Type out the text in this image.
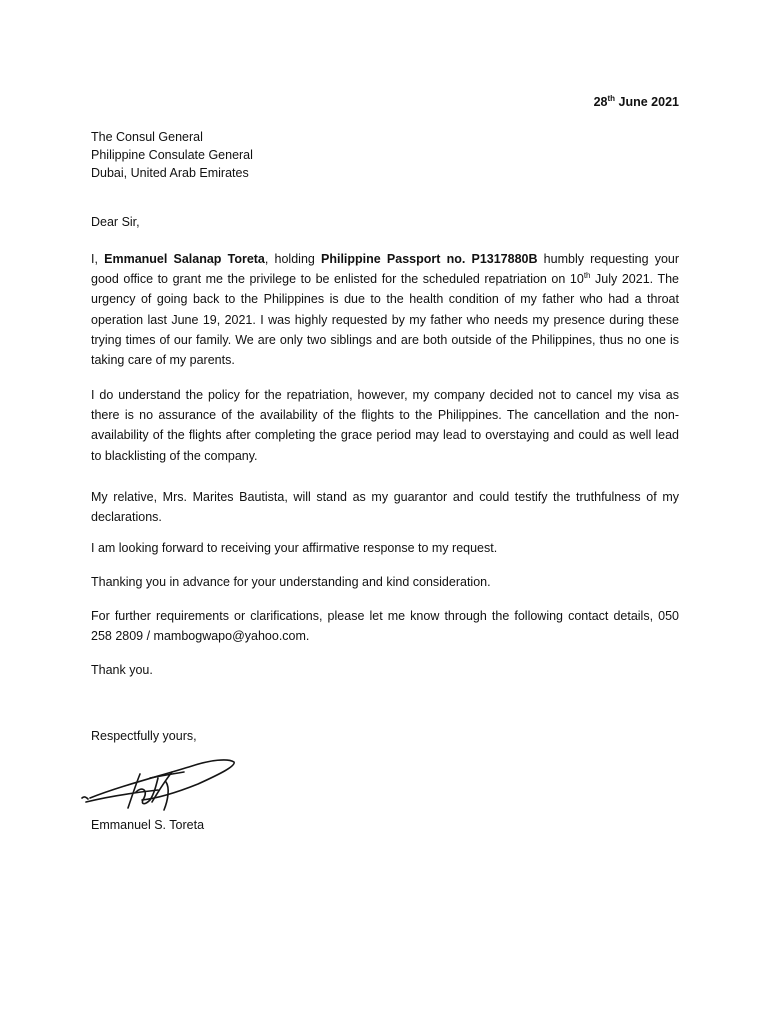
28th June 2021
The Consul General
Philippine Consulate General
Dubai, United Arab Emirates
Dear Sir,
I, Emmanuel Salanap Toreta, holding Philippine Passport no. P1317880B humbly requesting your good office to grant me the privilege to be enlisted for the scheduled repatriation on 10th July 2021. The urgency of going back to the Philippines is due to the health condition of my father who had a throat operation last June 19, 2021. I was highly requested by my father who needs my presence during these trying times of our family. We are only two siblings and are both outside of the Philippines, thus no one is taking care of my parents.
I do understand the policy for the repatriation, however, my company decided not to cancel my visa as there is no assurance of the availability of the flights to the Philippines. The cancellation and the non-availability of the flights after completing the grace period may lead to overstaying and could as well lead to blacklisting of the company.
My relative, Mrs. Marites Bautista, will stand as my guarantor and could testify the truthfulness of my declarations.
I am looking forward to receiving your affirmative response to my request.
Thanking you in advance for your understanding and kind consideration.
For further requirements or clarifications, please let me know through the following contact details, 050 258 2809 / mambogwapo@yahoo.com.
Thank you.
Respectfully yours,
Emmanuel S. Toreta
